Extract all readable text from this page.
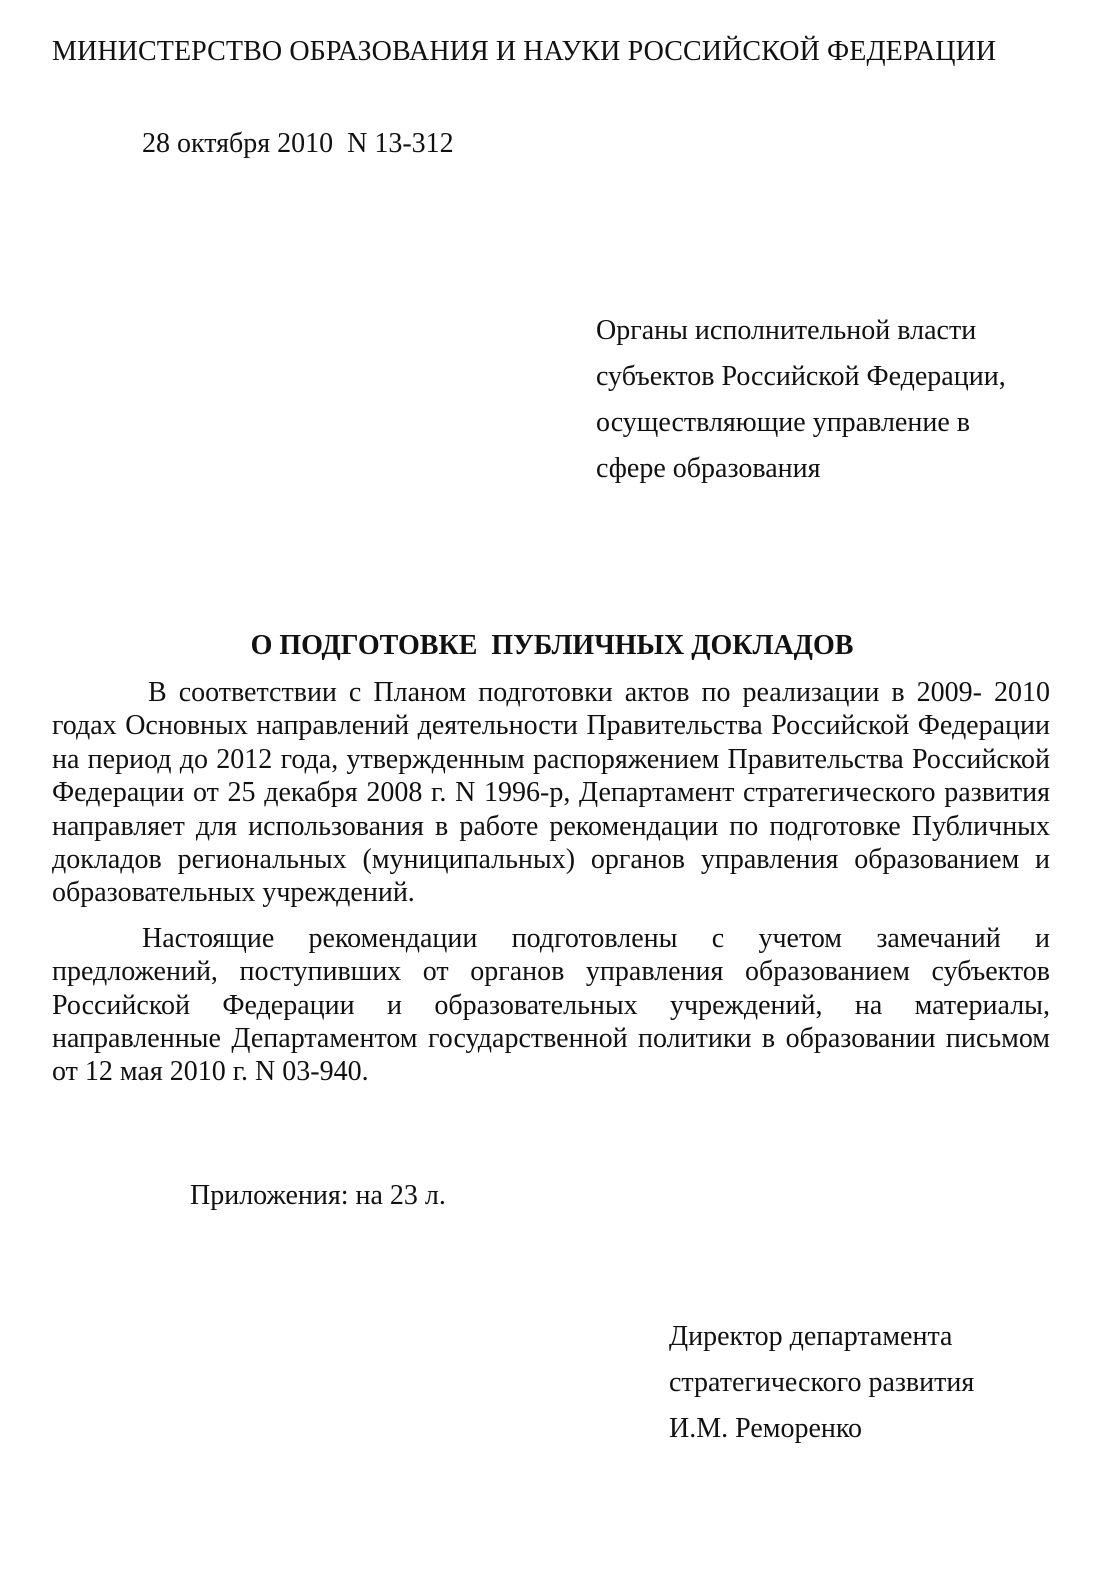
МИНИСТЕРСТВО ОБРАЗОВАНИЯ И НАУКИ РОССИЙСКОЙ ФЕДЕРАЦИИ
28 октября 2010  N 13-312
Органы исполнительной власти
субъектов Российской Федерации,
осуществляющие управление в
сфере образования
О ПОДГОТОВКЕ  ПУБЛИЧНЫХ ДОКЛАДОВ

В соответствии с Планом подготовки актов по реализации в 2009- 2010 годах Основных направлений деятельности Правительства Российской Федерации на период до 2012 года, утвержденным распоряжением Правительства Российской Федерации от 25 декабря 2008 г. N 1996-р, Департамент стратегического развития направляет для использования в работе рекомендации по подготовке Публичных докладов региональных (муниципальных) органов управления образованием и образовательных учреждений.

Настоящие рекомендации подготовлены с учетом замечаний и предложений, поступивших от органов управления образованием субъектов Российской Федерации и образовательных учреждений, на материалы, направленные Департаментом государственной политики в образовании письмом от 12 мая 2010 г. N 03-940.

Приложения: на 23 л.
Директор департамента
стратегического развития
И.М. Реморенко
